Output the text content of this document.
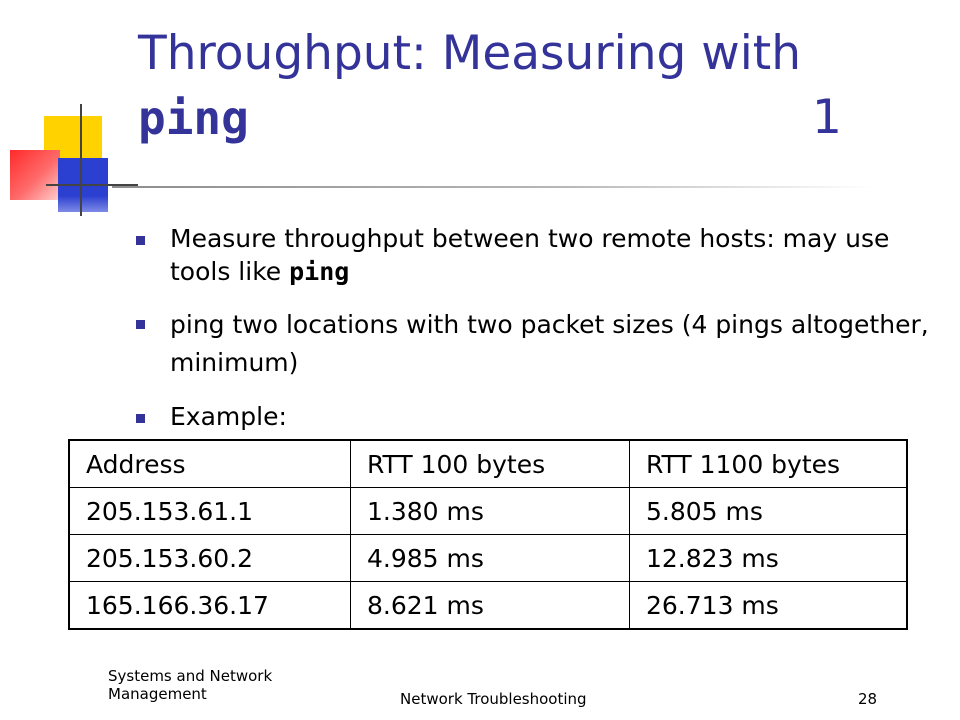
Throughput: Measuring with
ping	1
Measure throughput between two remote hosts: may use tools like ping
ping two locations with two packet sizes (4 pings altogether, minimum)
Example:
Address	RTT 100 bytes	RTT 1100 bytes
205.153.61.1	1.380 ms	5.805 ms
205.153.60.2	4.985 ms	12.823 ms
165.166.36.17	8.621 ms	26.713 ms
Systems and Network Management	Network Troubleshooting	28
